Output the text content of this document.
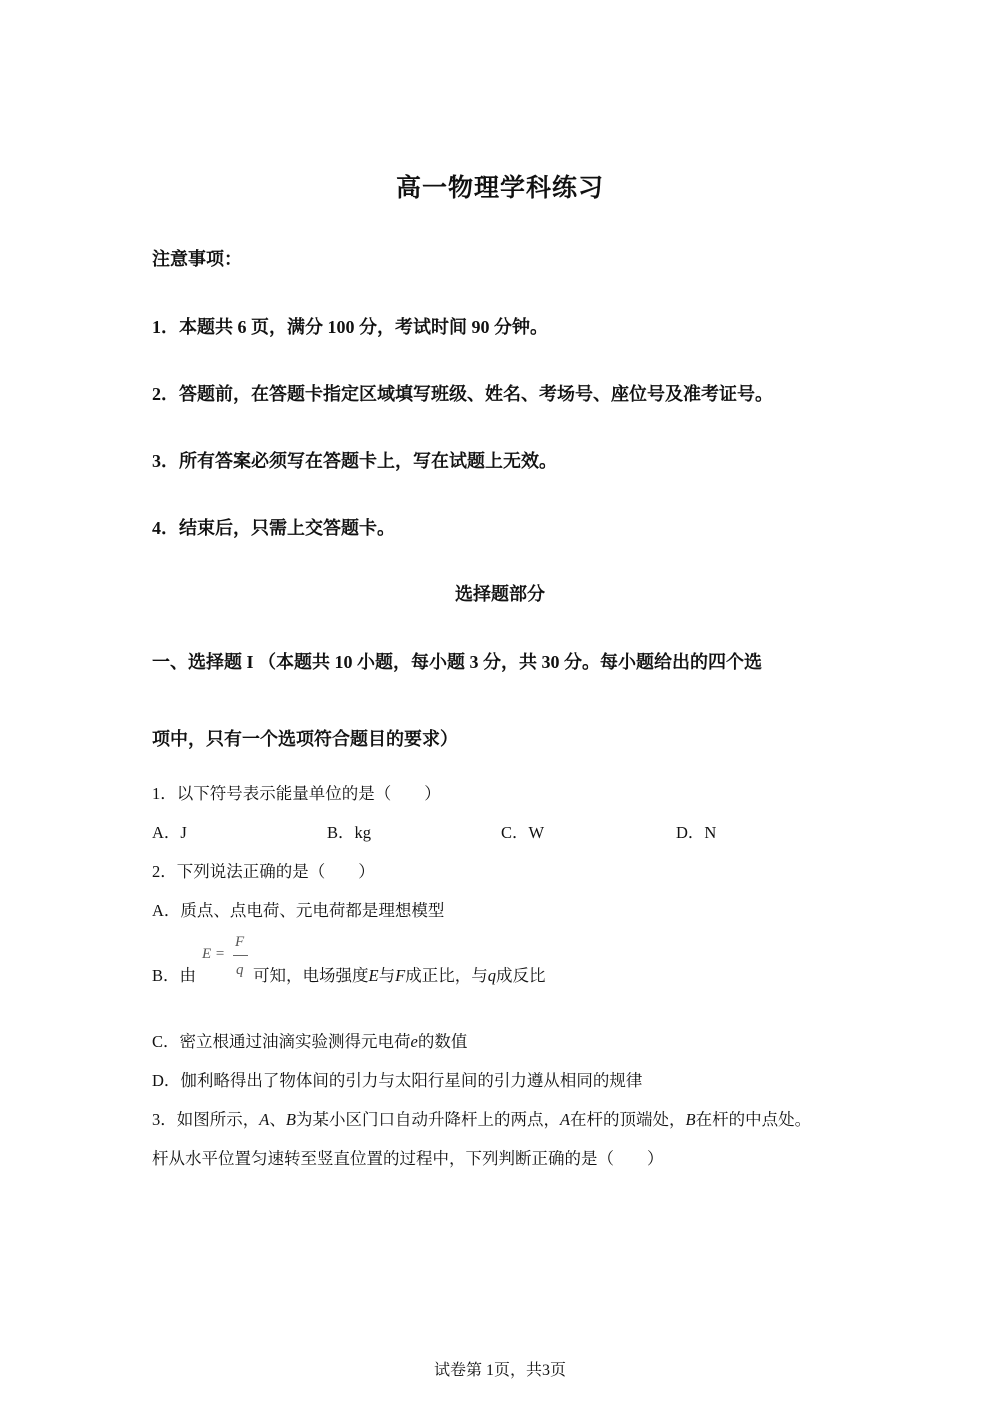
高一物理学科练习
注意事项：
1．本题共 6 页，满分 100 分，考试时间 90 分钟。
2．答题前，在答题卡指定区域填写班级、姓名、考场号、座位号及准考证号。
3．所有答案必须写在答题卡上，写在试题上无效。
4．结束后，只需上交答题卡。
选择题部分
一、选择题 I （本题共 10 小题，每小题 3 分，共 30 分。每小题给出的四个选
项中，只有一个选项符合题目的要求）
1．以下符号表示能量单位的是（　　）
A．J	B．kg	C．W	D．N
2．下列说法正确的是（　　）
A．质点、点电荷、元电荷都是理想模型
B．由
E =
F
q 可知，电场强度E与F成正比，与q成反比
C．密立根通过油滴实验测得元电荷e的数值
D．伽利略得出了物体间的引力与太阳行星间的引力遵从相同的规律
3．如图所示，A、B为某小区门口自动升降杆上的两点，A在杆的顶端处，B在杆的中点处。
杆从水平位置匀速转至竖直位置的过程中，下列判断正确的是（　　）
试卷第 1页，共3页
